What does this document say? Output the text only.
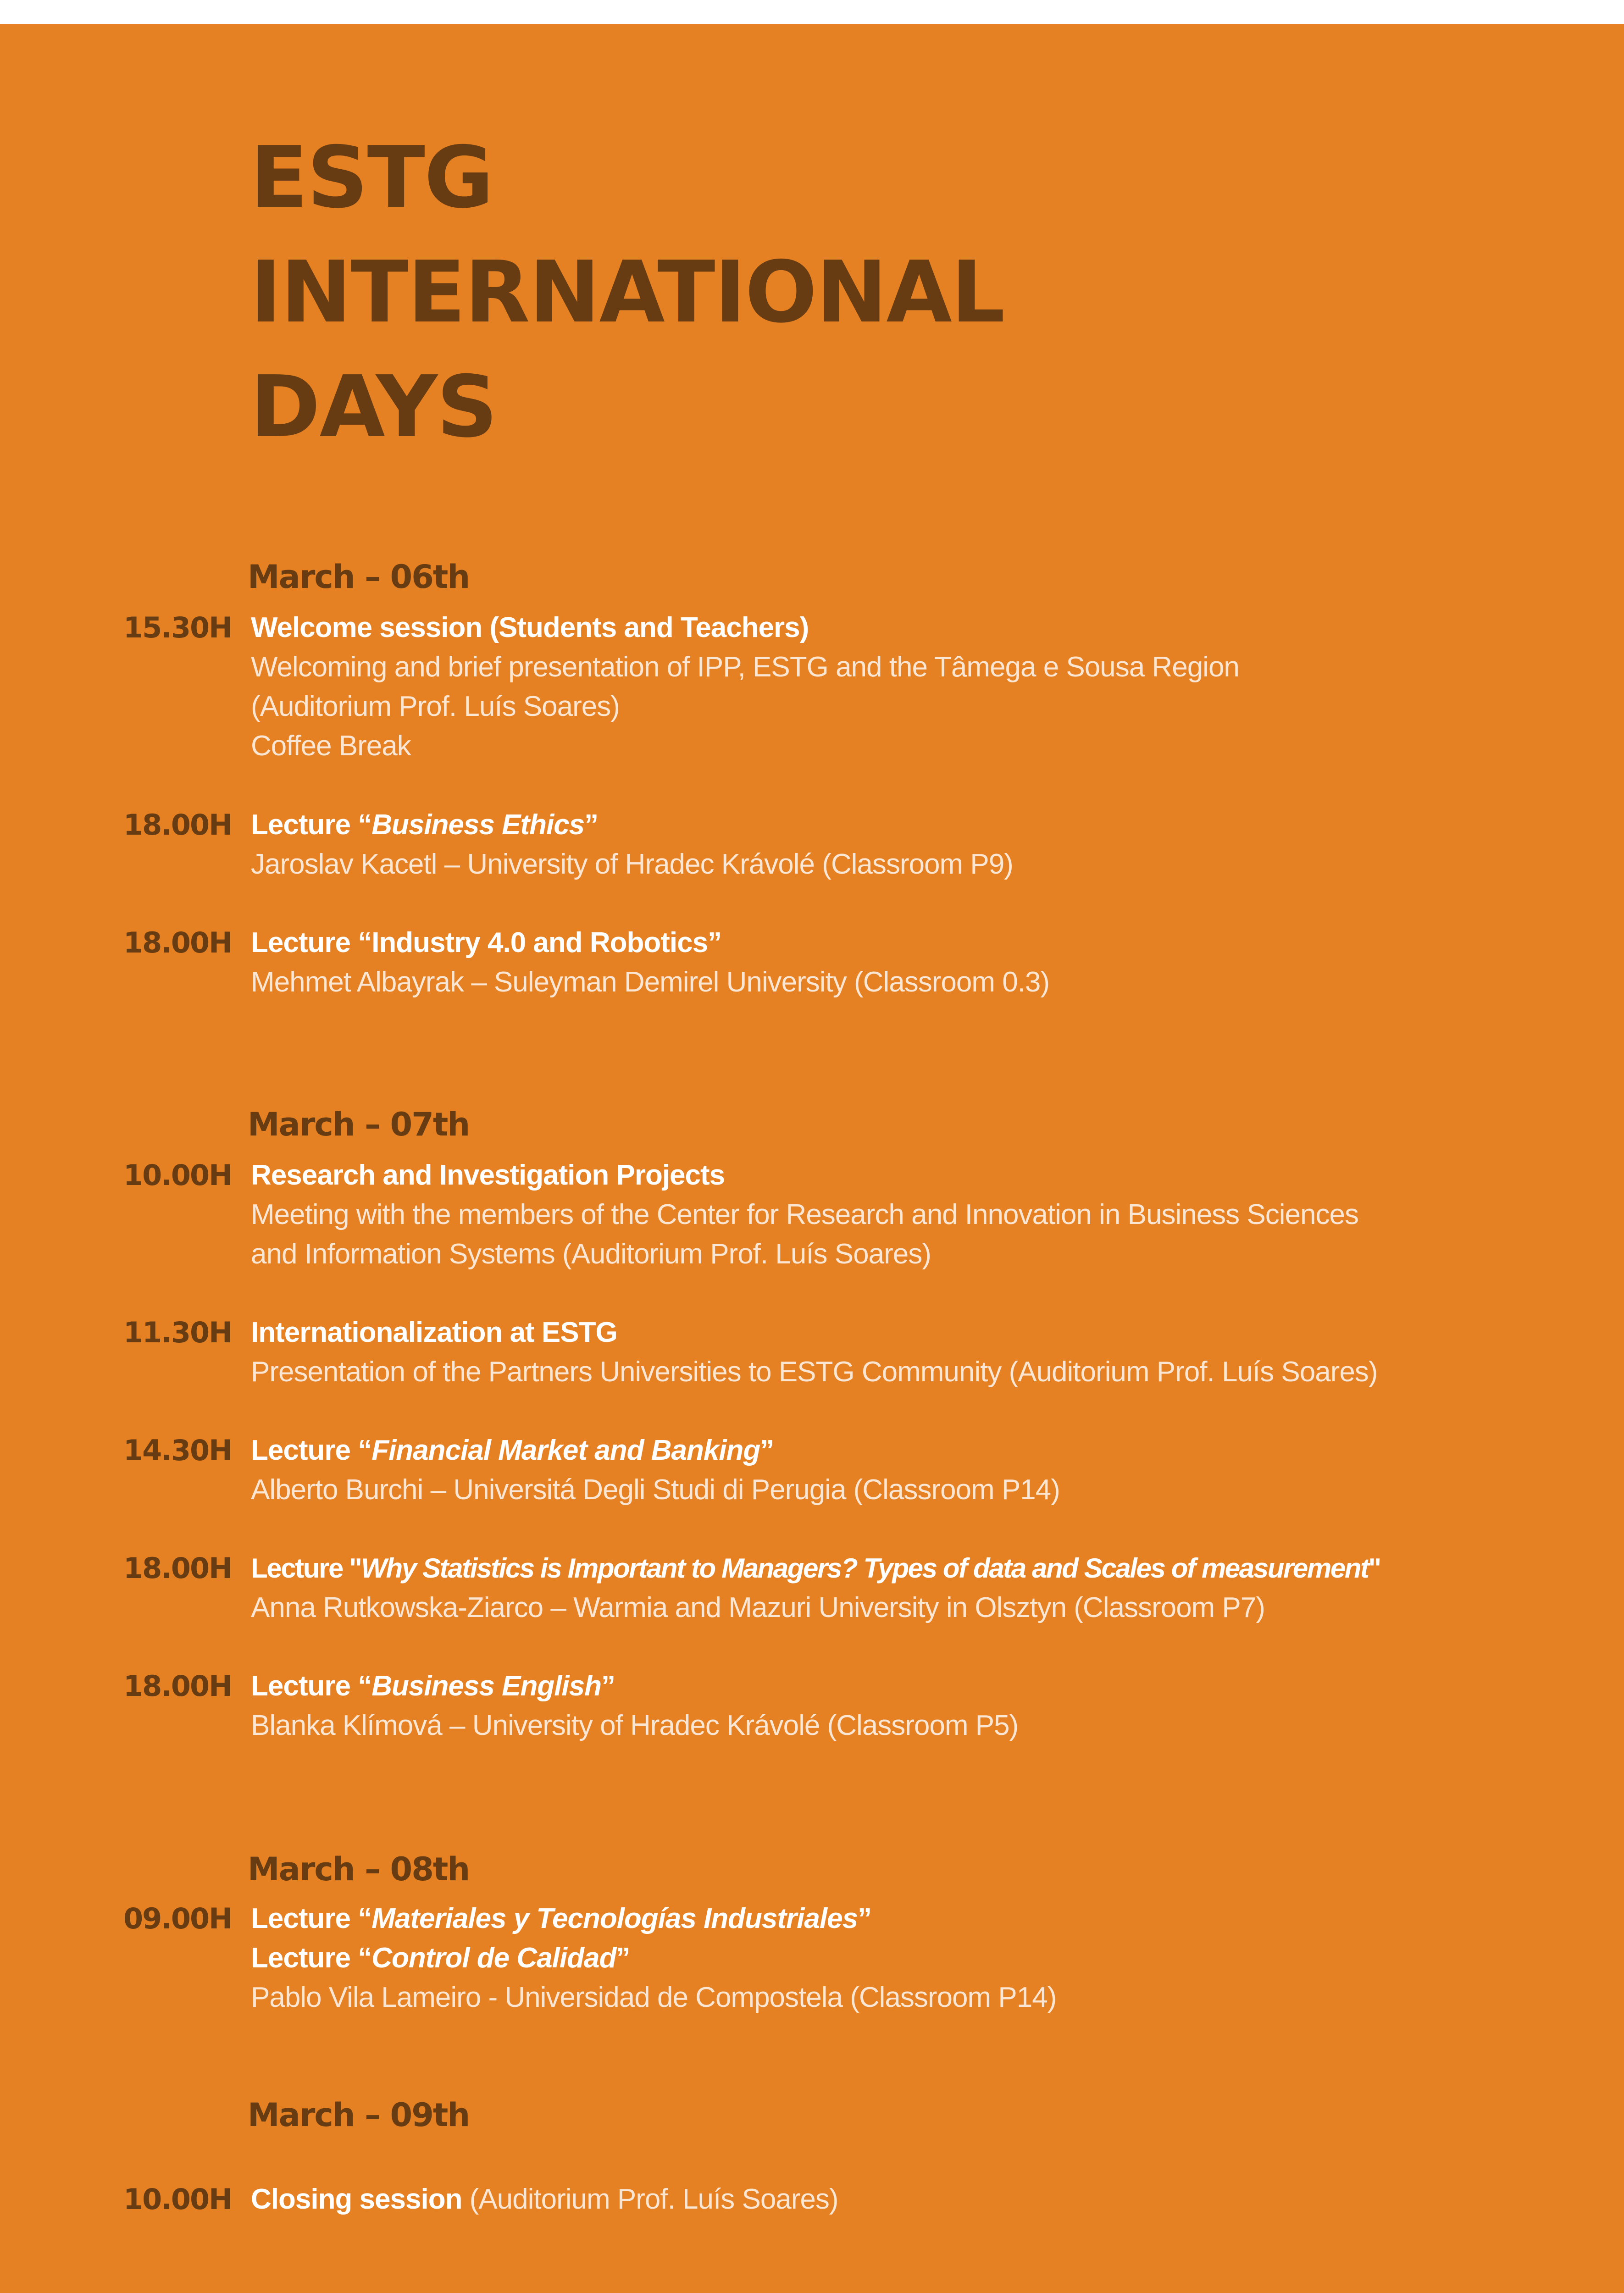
ESTG
INTERNATIONAL
DAYS
March – 06th
15.30H Welcome session (Students and Teachers)
Welcoming and brief presentation of IPP, ESTG and the Tâmega e Sousa Region
(Auditorium Prof. Luís Soares)
Coffee Break
18.00H Lecture “Business Ethics”
Jaroslav Kacetl – University of Hradec Krávolé (Classroom P9)
18.00H Lecture “Industry 4.0 and Robotics”
Mehmet Albayrak – Suleyman Demirel University (Classroom 0.3)
March – 07th
10.00H Research and Investigation Projects
Meeting with the members of the Center for Research and Innovation in Business Sciences
and Information Systems (Auditorium Prof. Luís Soares)
11.30H Internationalization at ESTG
Presentation of the Partners Universities to ESTG Community (Auditorium Prof. Luís Soares)
14.30H Lecture “Financial Market and Banking”
Alberto Burchi – Universitá Degli Studi di Perugia (Classroom P14)
18.00H Lecture "Why Statistics is Important to Managers? Types of data and Scales of measurement"
Anna Rutkowska-Ziarco – Warmia and Mazuri University in Olsztyn (Classroom P7)
18.00H Lecture “Business English”
Blanka Klímová – University of Hradec Krávolé (Classroom P5)
March – 08th
09.00H Lecture “Materiales y Tecnologías Industriales”
Lecture “Control de Calidad”
Pablo Vila Lameiro - Universidad de Compostela (Classroom P14)
March – 09th
10.00H Closing session (Auditorium Prof. Luís Soares)
